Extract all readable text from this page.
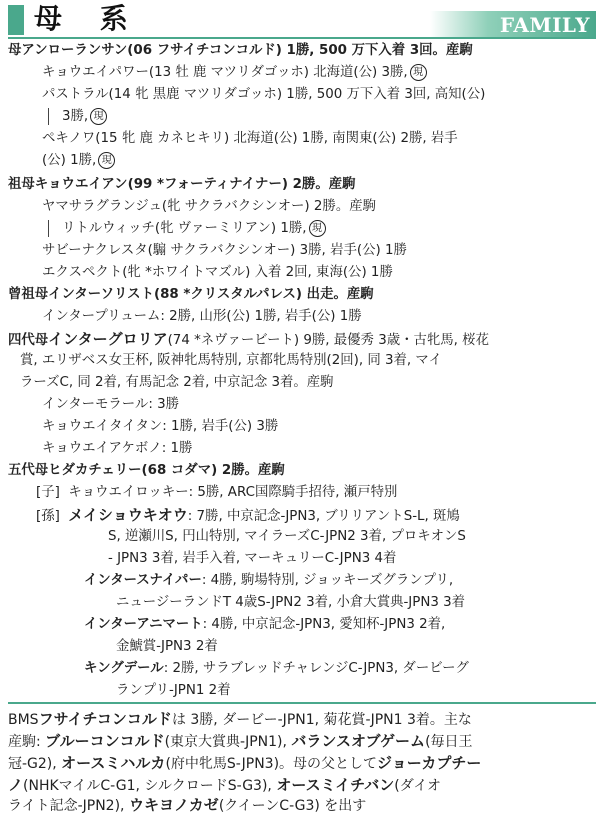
母 系	FAMILY
母アンローランサン(06 フサイチコンコルド) 1勝, 500 万下入着 3回。産駒
キョウエイパワー(13 牡 鹿 マツリダゴッホ) 北海道(公) 3勝, 現
パストラル(14 牝 黒鹿 マツリダゴッホ) 1勝, 500 万下入着 3回, 高知(公)
3勝, 現
ペキノワ(15 牝 鹿 カネヒキリ) 北海道(公) 1勝, 南関東(公) 2勝, 岩手
(公) 1勝, 現
祖母キョウエイアン(99 *フォーティナイナー) 2勝。産駒
ヤマサラグランジュ(牝 サクラバクシンオー) 2勝。産駒
リトルウィッチ(牝 ヴァーミリアン) 1勝, 現
サビーナクレスタ(騸 サクラバクシンオー) 3勝, 岩手(公) 1勝
エクスペクト(牝 *ホワイトマズル) 入着 2回, 東海(公) 1勝
曾祖母インターソリスト(88 *クリスタルパレス) 出走。産駒
インタープリューム: 2勝, 山形(公) 1勝, 岩手(公) 1勝
四代母インターグロリア(74 *ネヴァービート) 9勝, 最優秀 3歳・古牝馬, 桜花
賞, エリザベス女王杯, 阪神牝馬特別, 京都牝馬特別(2回), 同 3着, マイ
ラーズC, 同 2着, 有馬記念 2着, 中京記念 3着。産駒
インターモラール: 3勝
キョウエイタイタン: 1勝, 岩手(公) 3勝
キョウエイアケボノ: 1勝
五代母ヒダカチェリー(68 コダマ) 2勝。産駒
[子] キョウエイロッキー: 5勝, ARC国際騎手招待, 瀬戸特別
[孫] メイショウキオウ: 7勝, 中京記念-JPN3, ブリリアントS-L, 斑鳩
S, 逆瀬川S, 円山特別, マイラーズC-JPN2 3着, プロキオンS
- JPN3 3着, 岩手入着, マーキュリーC-JPN3 4着
インタースナイパー: 4勝, 駒場特別, ジョッキーズグランプリ,
ニュージーランドT 4歳S-JPN2 3着, 小倉大賞典-JPN3 3着
インターアニマート: 4勝, 中京記念-JPN3, 愛知杯-JPN3 2着,
金鯱賞-JPN3 2着
キングデール: 2勝, サラブレッドチャレンジC-JPN3, ダービーグ
ランプリ-JPN1 2着
BMSフサイチコンコルドは 3勝, ダービー-JPN1, 菊花賞-JPN1 3着。主な
産駒: ブルーコンコルド(東京大賞典-JPN1), バランスオブゲーム(毎日王
冠-G2), オースミハルカ(府中牝馬S-JPN3)。母の父としてジョーカプチー
ノ(NHKマイルC-G1, シルクロードS-G3), オースミイチバン(ダイオ
ライト記念-JPN2), ウキヨノカゼ(クイーンC-G3) を出す
